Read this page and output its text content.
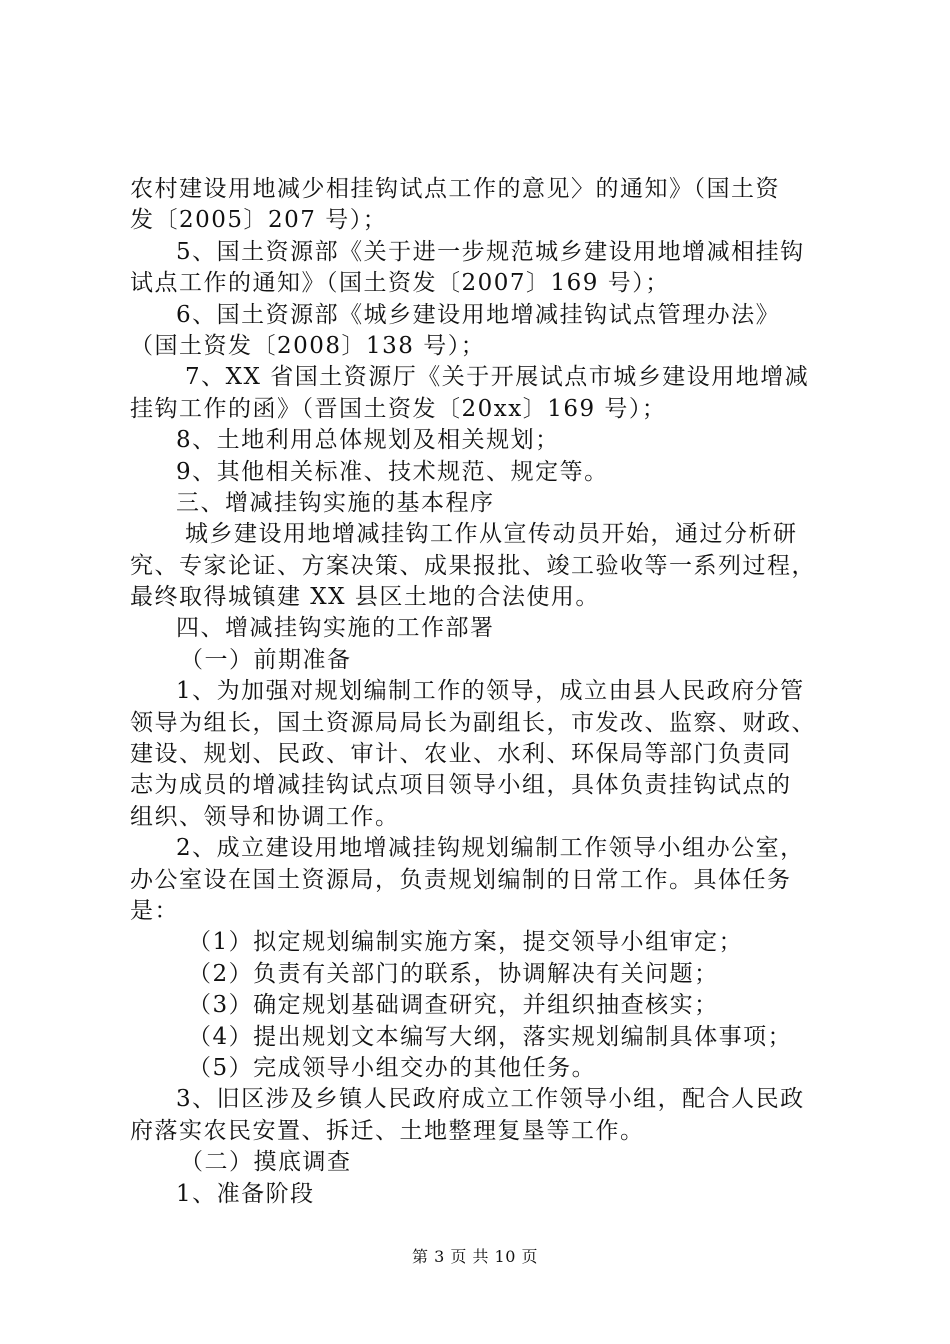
农村建设用地减少相挂钩试点工作的意见〉的通知》（国土资
发〔2005〕207 号）；
5、国土资源部《关于进一步规范城乡建设用地增减相挂钩
试点工作的通知》（国土资发〔2007〕169 号）；
6、国土资源部《城乡建设用地增减挂钩试点管理办法》
（国土资发〔2008〕138 号）；
7、XX 省国土资源厅《关于开展试点市城乡建设用地增减
挂钩工作的函》（晋国土资发〔20xx〕169 号）；
8、土地利用总体规划及相关规划；
9、其他相关标准、技术规范、规定等。
三、增减挂钩实施的基本程序
城乡建设用地增减挂钩工作从宣传动员开始，通过分析研
究、专家论证、方案决策、成果报批、竣工验收等一系列过程，
最终取得城镇建 XX 县区土地的合法使用。
四、增减挂钩实施的工作部署
（一）前期准备
1、为加强对规划编制工作的领导，成立由县人民政府分管
领导为组长，国土资源局局长为副组长，市发改、监察、财政、
建设、规划、民政、审计、农业、水利、环保局等部门负责同
志为成员的增减挂钩试点项目领导小组，具体负责挂钩试点的
组织、领导和协调工作。
2、成立建设用地增减挂钩规划编制工作领导小组办公室，
办公室设在国土资源局，负责规划编制的日常工作。具体任务
是：
（1）拟定规划编制实施方案，提交领导小组审定；
（2）负责有关部门的联系，协调解决有关问题；
（3）确定规划基础调查研究，并组织抽查核实；
（4）提出规划文本编写大纲，落实规划编制具体事项；
（5）完成领导小组交办的其他任务。
3、旧区涉及乡镇人民政府成立工作领导小组，配合人民政
府落实农民安置、拆迁、土地整理复垦等工作。
（二）摸底调查
1、准备阶段
第 3 页 共 10 页
